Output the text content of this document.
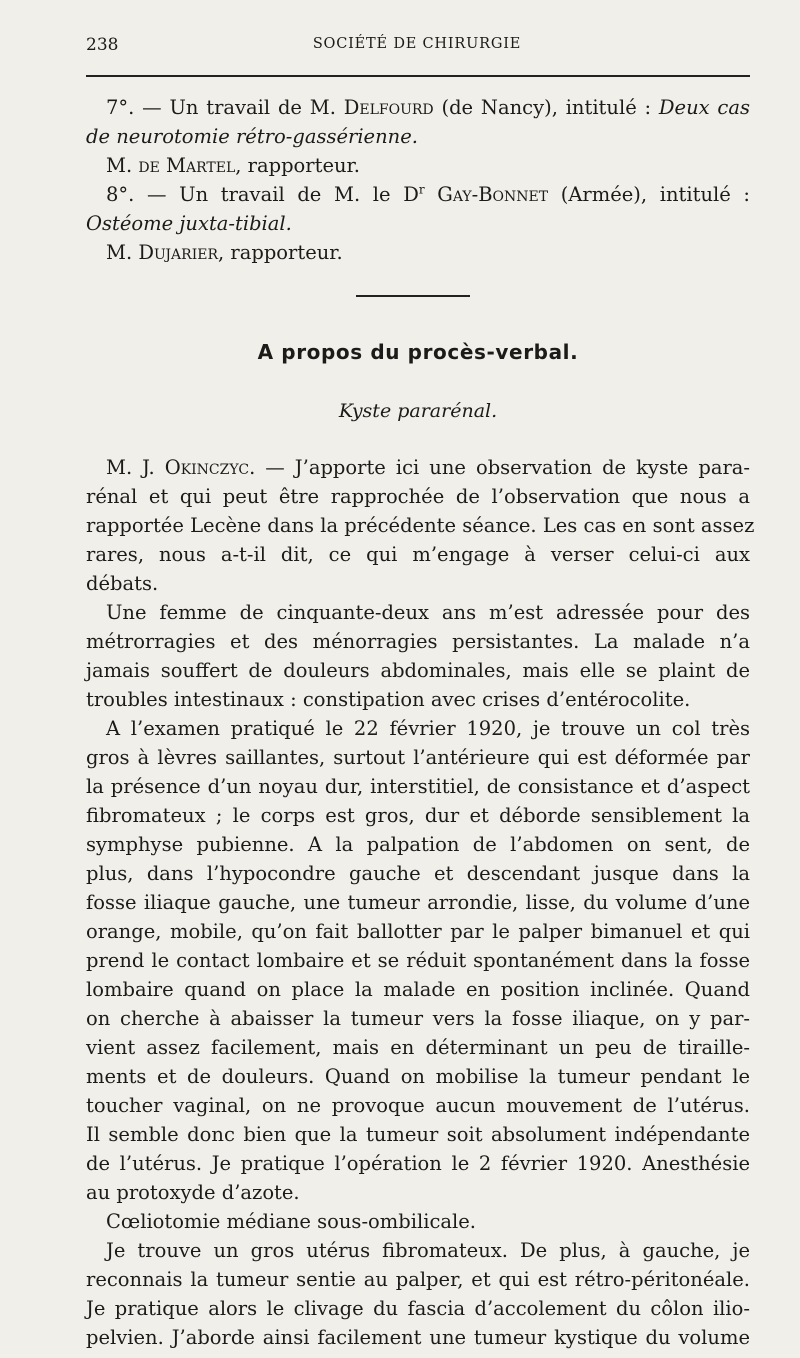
238	SOCIÉTÉ DE CHIRURGIE
7°. — Un travail de M. Delfourd (de Nancy), intitulé : Deux cas
de neurotomie rétro-gassérienne.
M. de Martel, rapporteur.
8°. — Un travail de M. le $D^r$ Gay-Bonnet (Armée), intitulé :
Ostéome juxta-tibial.
M. Dujarier, rapporteur.
A propos du procès-verbal.
Kyste pararénal.
M. J. Okinczyc. — J’apporte ici une observation de kyste para-
rénal et qui peut être rapprochée de l’observation que nous a
rapportée Lecène dans la précédente séance. Les cas en sont assez
rares, nous a-t-il dit, ce qui m’engage à verser celui-ci aux
débats.
Une femme de cinquante-deux ans m’est adressée pour des
métrorragies et des ménorragies persistantes. La malade n’a
jamais souffert de douleurs abdominales, mais elle se plaint de
troubles intestinaux : constipation avec crises d’entérocolite.
A l’examen pratiqué le 22 février 1920, je trouve un col très
gros à lèvres saillantes, surtout l’antérieure qui est déformée par
la présence d’un noyau dur, interstitiel, de consistance et d’aspect
fibromateux ; le corps est gros, dur et déborde sensiblement la
symphyse pubienne. A la palpation de l’abdomen on sent, de
plus, dans l’hypocondre gauche et descendant jusque dans la
fosse iliaque gauche, une tumeur arrondie, lisse, du volume d’une
orange, mobile, qu’on fait ballotter par le palper bimanuel et qui
prend le contact lombaire et se réduit spontanément dans la fosse
lombaire quand on place la malade en position inclinée. Quand
on cherche à abaisser la tumeur vers la fosse iliaque, on y par-
vient assez facilement, mais en déterminant un peu de tiraille-
ments et de douleurs. Quand on mobilise la tumeur pendant le
toucher vaginal, on ne provoque aucun mouvement de l’utérus.
Il semble donc bien que la tumeur soit absolument indépendante
de l’utérus. Je pratique l’opération le 2 février 1920. Anesthésie
au protoxyde d’azote.
Cœliotomie médiane sous-ombilicale.
Je trouve un gros utérus fibromateux. De plus, à gauche, je
reconnais la tumeur sentie au palper, et qui est rétro-péritonéale.
Je pratique alors le clivage du fascia d’accolement du côlon ilio-
pelvien. J’aborde ainsi facilement une tumeur kystique du volume
